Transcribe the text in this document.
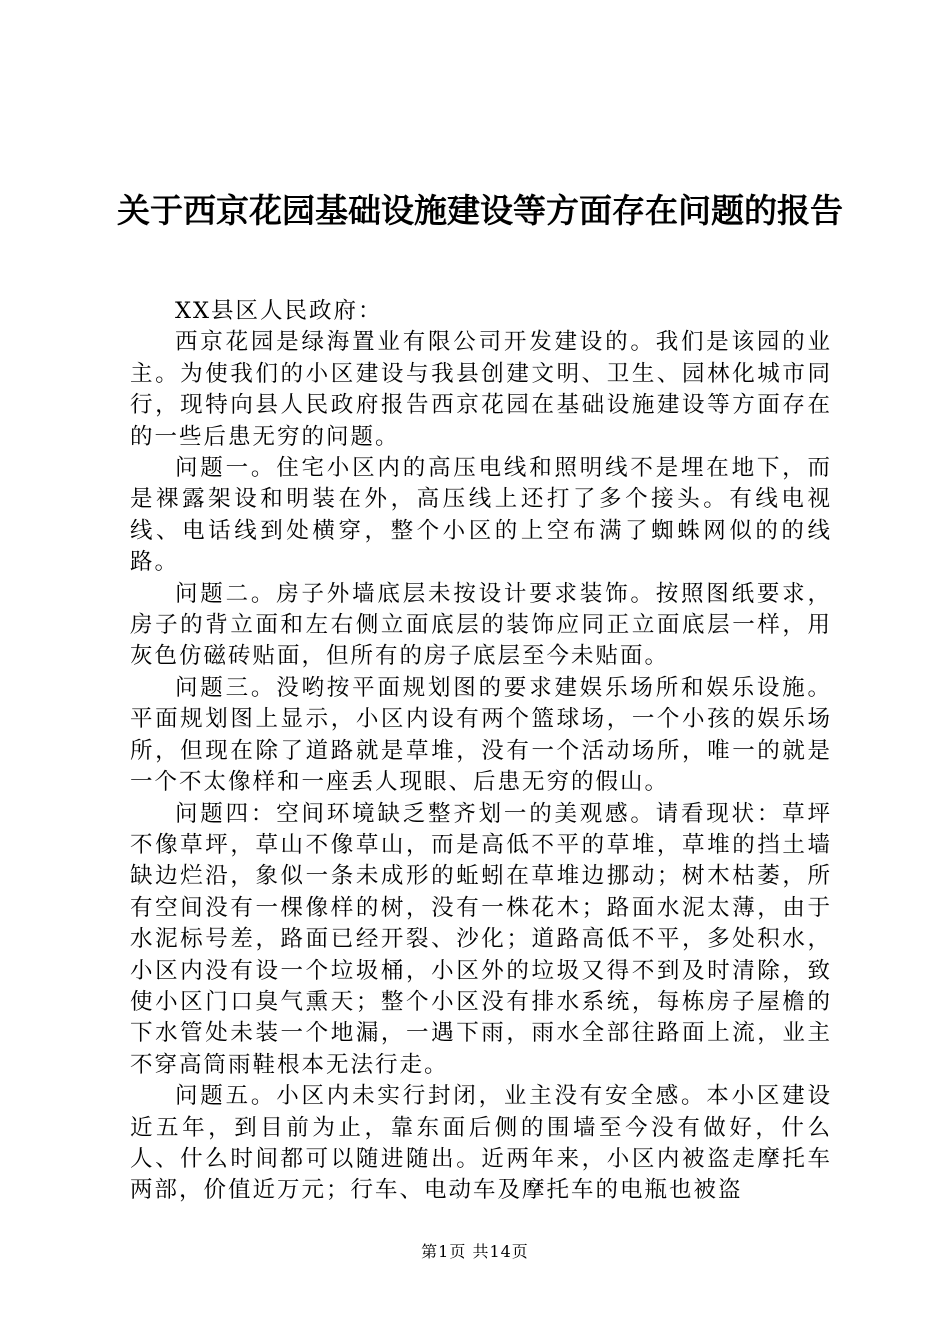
关于西京花园基础设施建设等方面存在问题的报告

XX县区人民政府：

西京花园是绿海置业有限公司开发建设的。我们是该园的业主。为使我们的小区建设与我县创建文明、卫生、园林化城市同行，现特向县人民政府报告西京花园在基础设施建设等方面存在的一些后患无穷的问题。

问题一。住宅小区内的高压电线和照明线不是埋在地下，而是裸露架设和明装在外，高压线上还打了多个接头。有线电视线、电话线到处横穿，整个小区的上空布满了蜘蛛网似的的线路。

问题二。房子外墙底层未按设计要求装饰。按照图纸要求，房子的背立面和左右侧立面底层的装饰应同正立面底层一样，用灰色仿磁砖贴面，但所有的房子底层至今未贴面。

问题三。没哟按平面规划图的要求建娱乐场所和娱乐设施。平面规划图上显示，小区内设有两个篮球场，一个小孩的娱乐场所，但现在除了道路就是草堆，没有一个活动场所，唯一的就是一个不太像样和一座丢人现眼、后患无穷的假山。

问题四：空间环境缺乏整齐划一的美观感。请看现状：草坪不像草坪，草山不像草山，而是高低不平的草堆，草堆的挡土墙缺边烂沿，象似一条未成形的蚯蚓在草堆边挪动；树木枯萎，所有空间没有一棵像样的树，没有一株花木；路面水泥太薄，由于水泥标号差，路面已经开裂、沙化；道路高低不平，多处积水，小区内没有设一个垃圾桶，小区外的垃圾又得不到及时清除，致使小区门口臭气熏天；整个小区没有排水系统，每栋房子屋檐的下水管处未装一个地漏，一遇下雨，雨水全部往路面上流，业主不穿高筒雨鞋根本无法行走。

问题五。小区内未实行封闭，业主没有安全感。本小区建设近五年，到目前为止，靠东面后侧的围墙至今没有做好，什么人、什么时间都可以随进随出。近两年来，小区内被盗走摩托车两部，价值近万元；行车、电动车及摩托车的电瓶也被盗

第1页 共14页
